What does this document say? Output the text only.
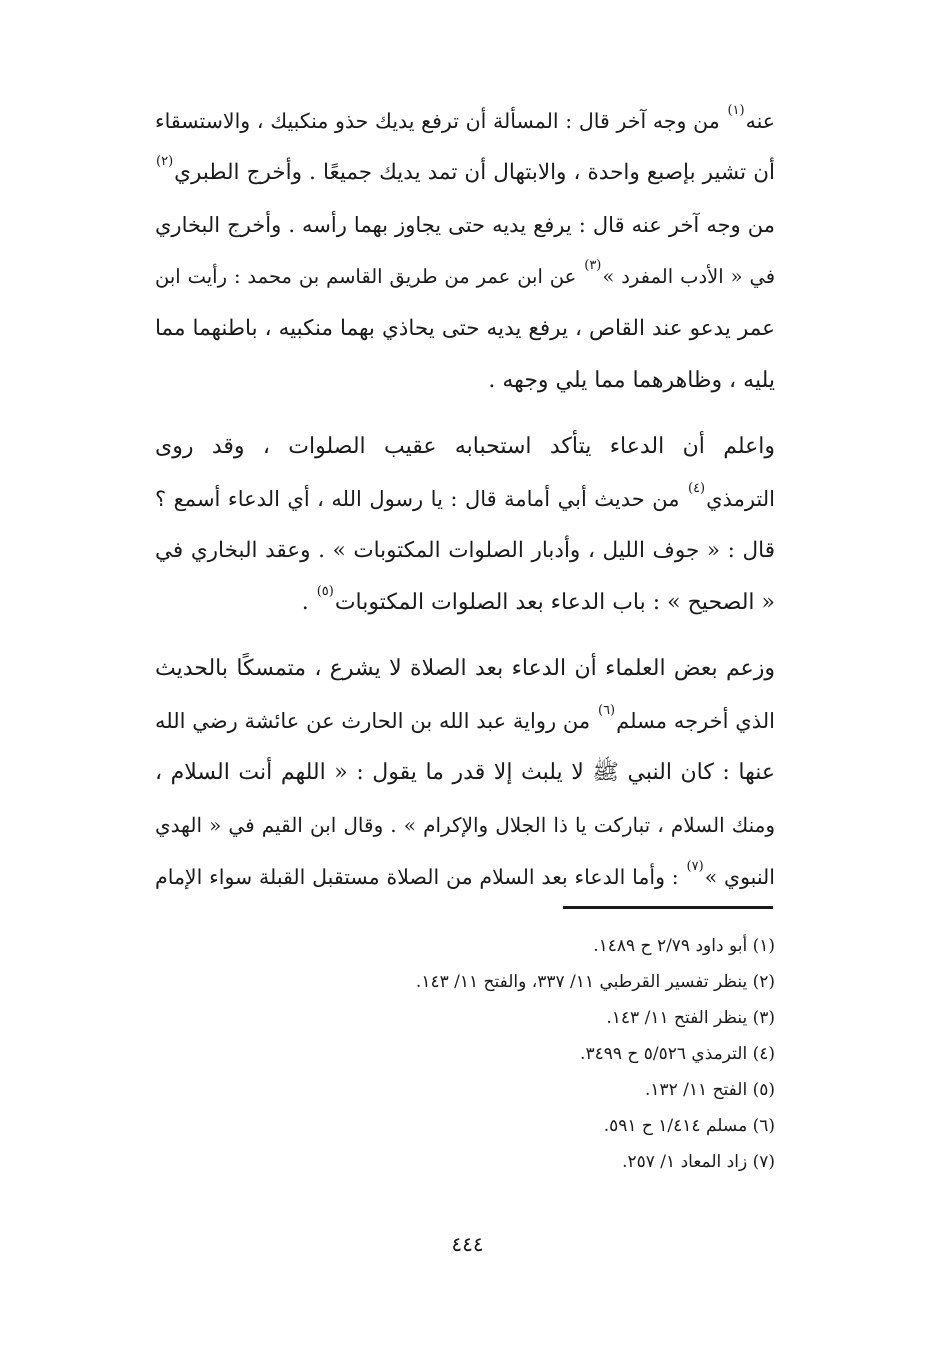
عنه$^{(١)}$ من وجه آخر قال : المسألة أن ترفع يديك حذو منكبيك ، والاستسقاء
أن تشير بإصبع واحدة ، والابتهال أن تمد يديك جميعًا . وأخرج الطبري$^{(٢)}$
من وجه آخر عنه قال : يرفع يديه حتى يجاوز بهما رأسه . وأخرج البخاري
في « الأدب المفرد »$^{(٣)}$ عن ابن عمر من طريق القاسم بن محمد : رأيت ابن
عمر يدعو عند القاص ، يرفع يديه حتى يحاذي بهما منكبيه ، باطنهما مما
يليه ، وظاهرهما مما يلي وجهه .

واعلم أن الدعاء يتأكد استحبابه عقيب الصلوات ، وقد روى
الترمذي$^{(٤)}$ من حديث أبي أمامة قال : يا رسول الله ، أي الدعاء أسمع ؟
قال : « جوف الليل ، وأدبار الصلوات المكتوبات » . وعقد البخاري في
« الصحيح » : باب الدعاء بعد الصلوات المكتوبات$^{(٥)}$ .

وزعم بعض العلماء أن الدعاء بعد الصلاة لا يشرع ، متمسكًا بالحديث
الذي أخرجه مسلم$^{(٦)}$ من رواية عبد الله بن الحارث عن عائشة رضي الله
عنها : كان النبي ﷺ لا يلبث إلا قدر ما يقول : « اللهم أنت السلام ،
ومنك السلام ، تباركت يا ذا الجلال والإكرام » . وقال ابن القيم في « الهدي
النبوي »$^{(٧)}$ : وأما الدعاء بعد السلام من الصلاة مستقبل القبلة سواء الإمام

(١) أبو داود ٢/٧٩ ح ١٤٨٩.
(٢) ينظر تفسير القرطبي ١١/ ٣٣٧، والفتح ١١/ ١٤٣.
(٣) ينظر الفتح ١١/ ١٤٣.
(٤) الترمذي ٥/٥٢٦ ح ٣٤٩٩.
(٥) الفتح ١١/ ١٣٢.
(٦) مسلم ١/٤١٤ ح ٥٩١.
(٧) زاد المعاد ١/ ٢٥٧.
٤٤٤
